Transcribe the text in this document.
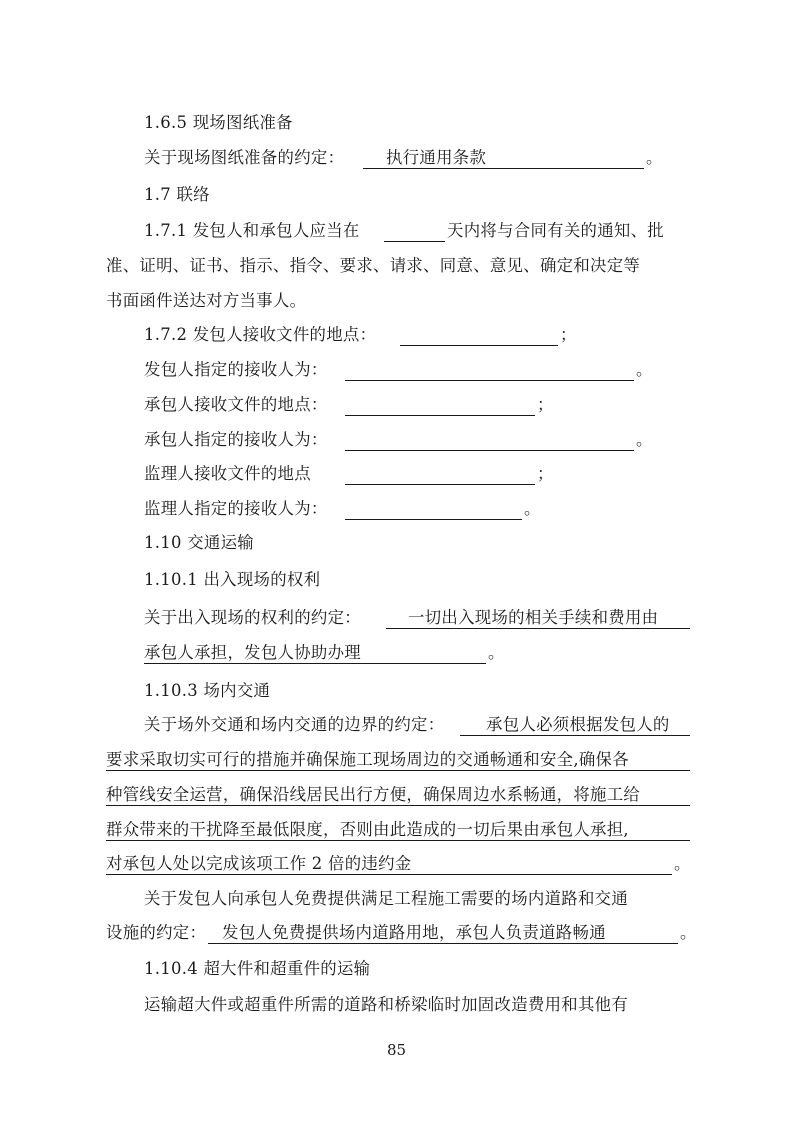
1.6.5 现场图纸准备
关于现场图纸准备的约定：	执行通用条款	。
1.7 联络
1.7.1 发包人和承包人应当在	天内将与合同有关的通知、批
准、证明、证书、指示、指令、要求、请求、同意、意见、确定和决定等
书面函件送达对方当事人。
1.7.2 发包人接收文件的地点：	；
发包人指定的接收人为：	。
承包人接收文件的地点：	；
承包人指定的接收人为：	。
监理人接收文件的地点	；
监理人指定的接收人为：	。
1.10 交通运输
1.10.1 出入现场的权利
关于出入现场的权利的约定：	一切出入现场的相关手续和费用由
承包人承担，发包人协助办理	。
1.10.3 场内交通
关于场外交通和场内交通的边界的约定：	承包人必须根据发包人的
要求采取切实可行的措施并确保施工现场周边的交通畅通和安全,确保各
种管线安全运营，确保沿线居民出行方便，确保周边水系畅通，将施工给
群众带来的干扰降至最低限度，否则由此造成的一切后果由承包人承担,
对承包人处以完成该项工作 2 倍的违约金	。
关于发包人向承包人免费提供满足工程施工需要的场内道路和交通
设施的约定： 发包人免费提供场内道路用地，承包人负责道路畅通	。
1.10.4 超大件和超重件的运输
运输超大件或超重件所需的道路和桥梁临时加固改造费用和其他有
85
